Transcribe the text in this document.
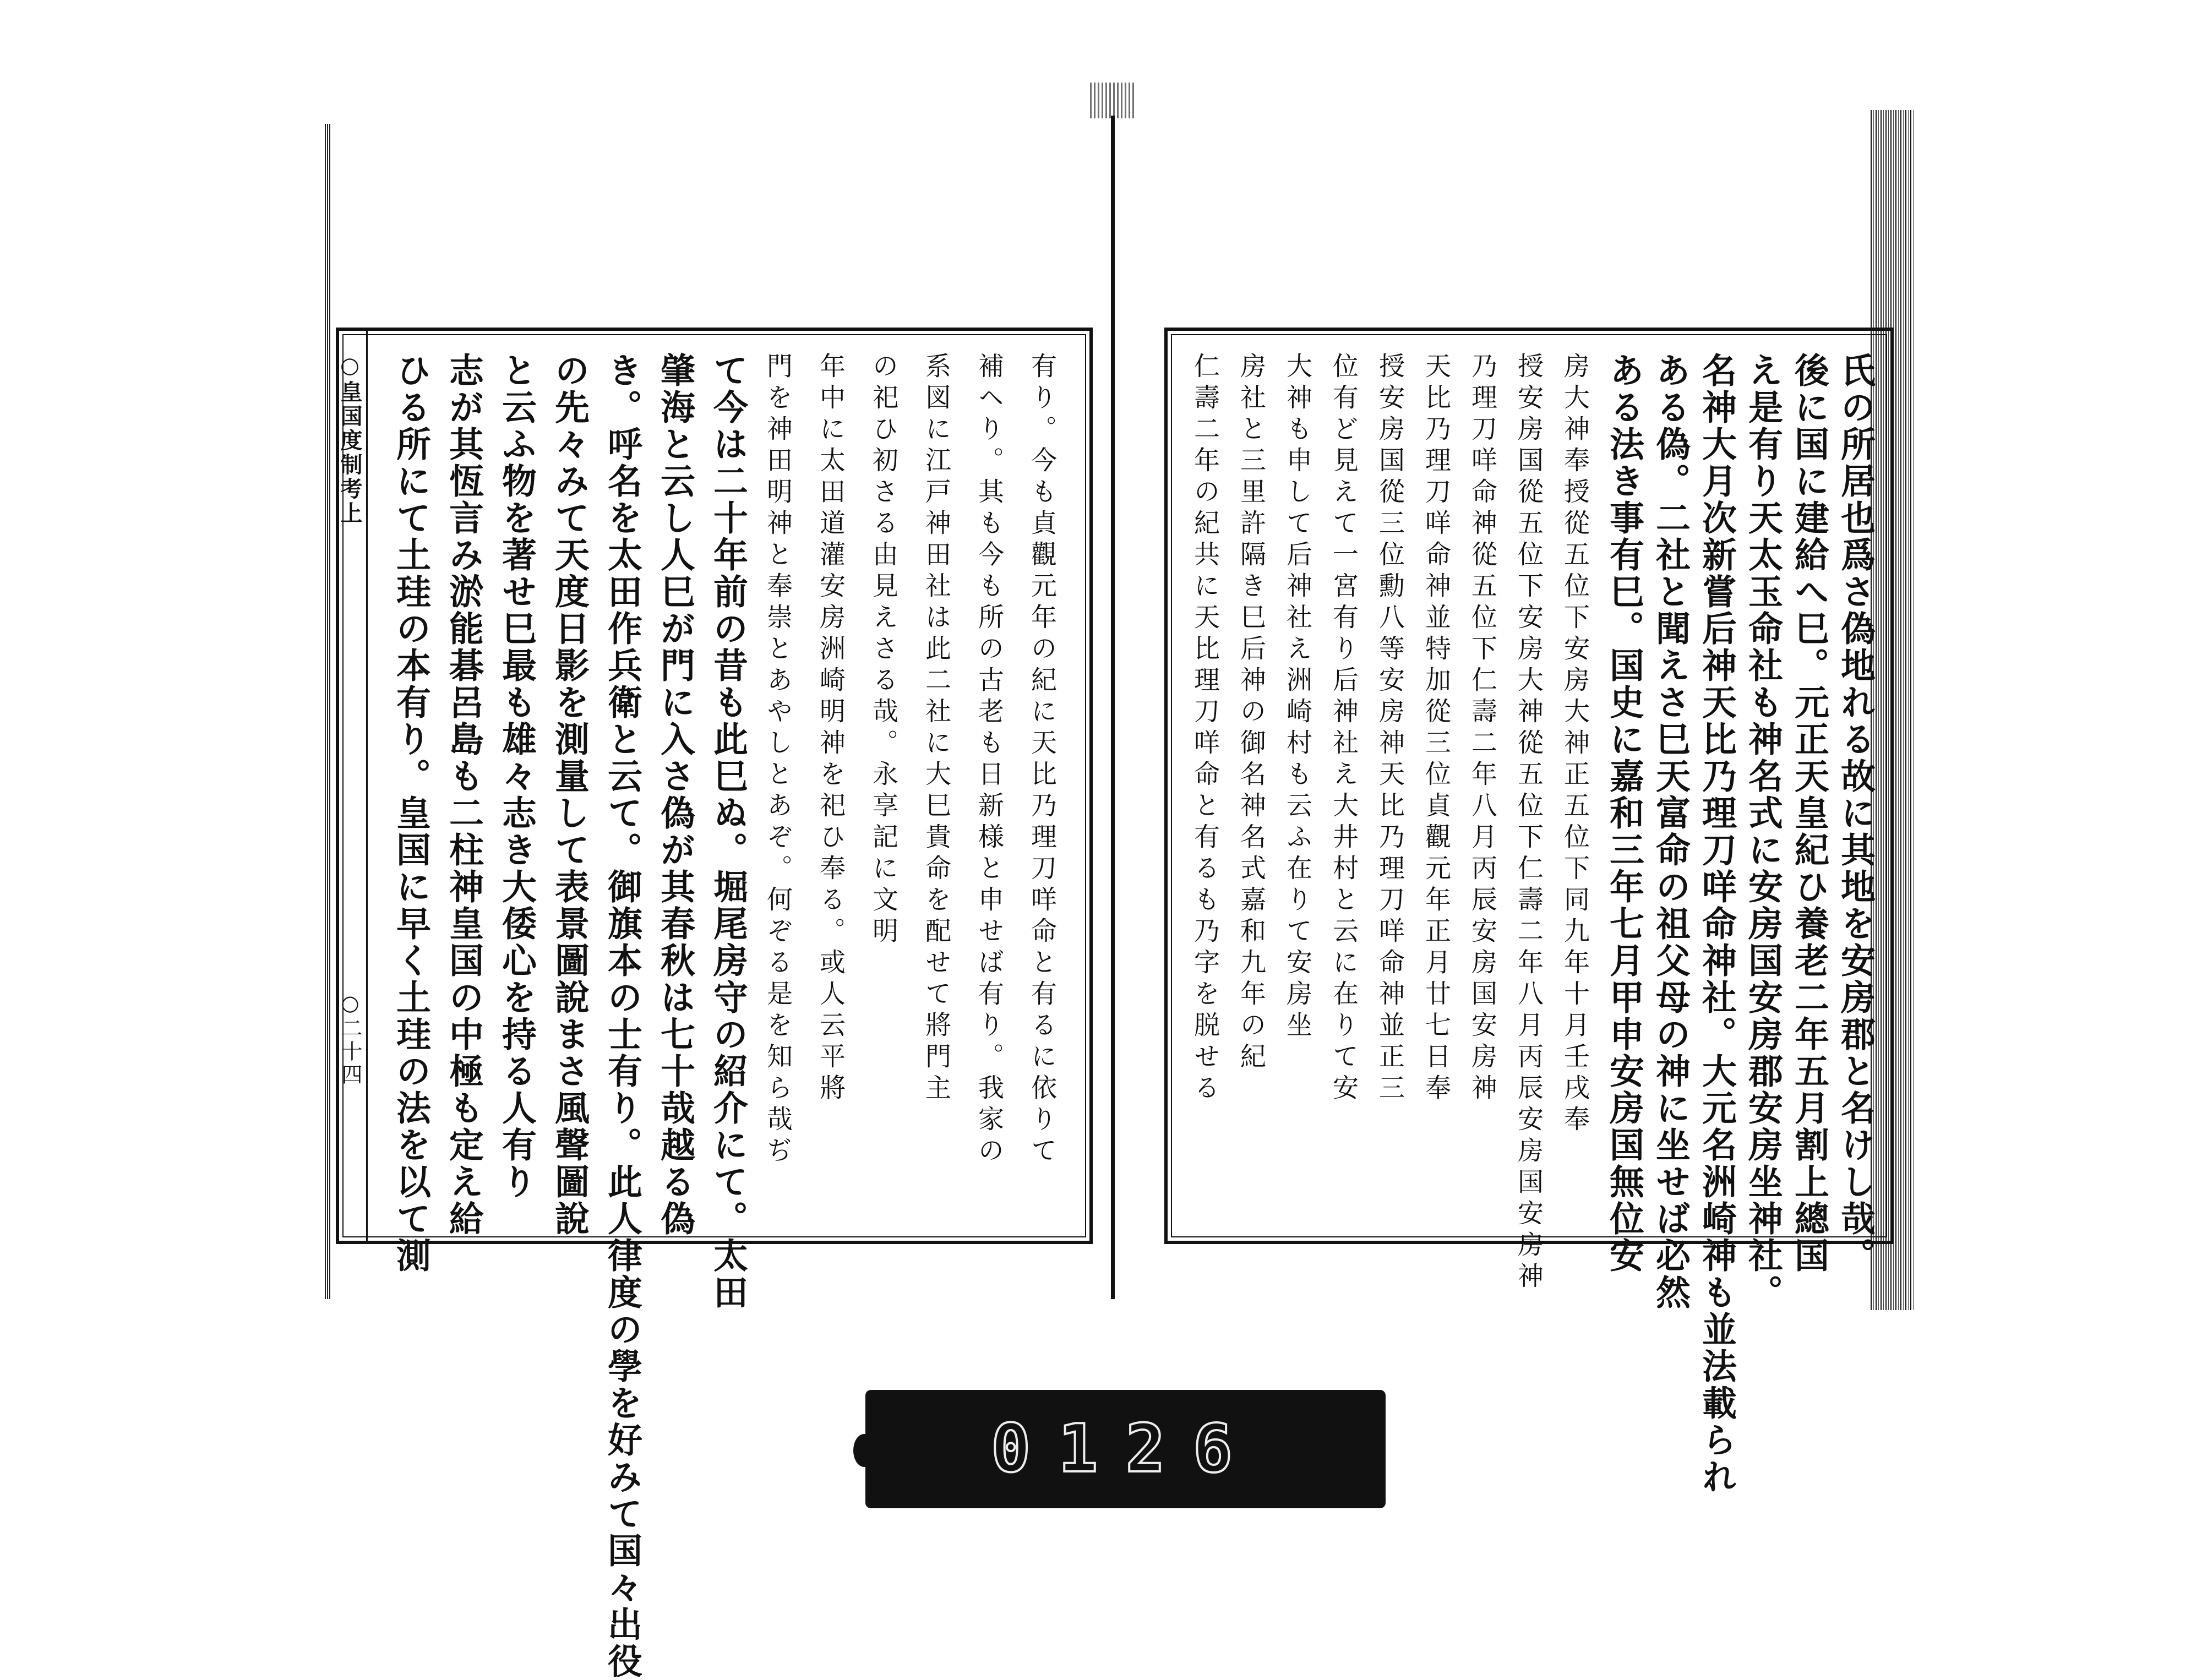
○皇国度制考上
○二十四	有り。今も貞觀元年の紀に天比乃理刀咩命と有るに依りて
補ヘり。其も今も所の古老も日新様と申せば有り。我家の
系図に江戸神田社は此二社に大巳貴命を配せて將門主
の祀ひ初さる由見えさる哉。永享記に文明
年中に太田道灌安房洲崎明神を祀ひ奉る。或人云平將
門を神田明神と奉崇とあやしとあぞ。何ぞる是を知ら哉ぢ
て今は二十年前の昔も此巳ぬ。堀尾房守の紹介にて。太田
肇海と云し人巳が門に入さ偽が其春秋は七十哉越る偽
き。呼名を太田作兵衛と云て。御旗本の士有り。此人律度の學を好みて国々出役
の先々みて天度日影を測量して表景圖說まさ風聲圖說
と云ふ物を著せ巳最も雄々志き大倭心を持る人有り
志が其恆言み淤能碁呂島も二柱神皇国の中極も定え給
ひる所にて土珪の本有り。皇国に早く土珪の法を以て測	氏の所居也爲さ偽地れる故に其地を安房郡と名けし哉。
後に国に建給へ巳。元正天皇紀ひ養老二年五月割上總国
え是有り天太玉命社も神名式に安房国安房郡安房坐神社。
名神大月次新嘗后神天比乃理刀咩命神社。大元名洲崎神も並法載られ
ある偽。二社と聞えさ巳天富命の祖父母の神に坐せば必然
ある法き事有巳。国史に嘉和三年七月甲申安房国無位安
房大神奉授從五位下安房大神正五位下同九年十月壬戌奉
授安房国從五位下安房大神從五位下仁壽二年八月丙辰安房国安房神
乃理刀咩命神從五位下仁壽二年八月丙辰安房国安房神
天比乃理刀咩命神並特加從三位貞觀元年正月廿七日奉
授安房国從三位勳八等安房神天比乃理刀咩命神並正三
位有ど見えて一宮有り后神社え大井村と云に在りて安
大神も申して后神社え洲崎村も云ふ在りて安房坐
房社と三里許隔き巳后神の御名神名式嘉和九年の紀
仁壽二年の紀共に天比理刀咩命と有るも乃字を脱せる
0126
